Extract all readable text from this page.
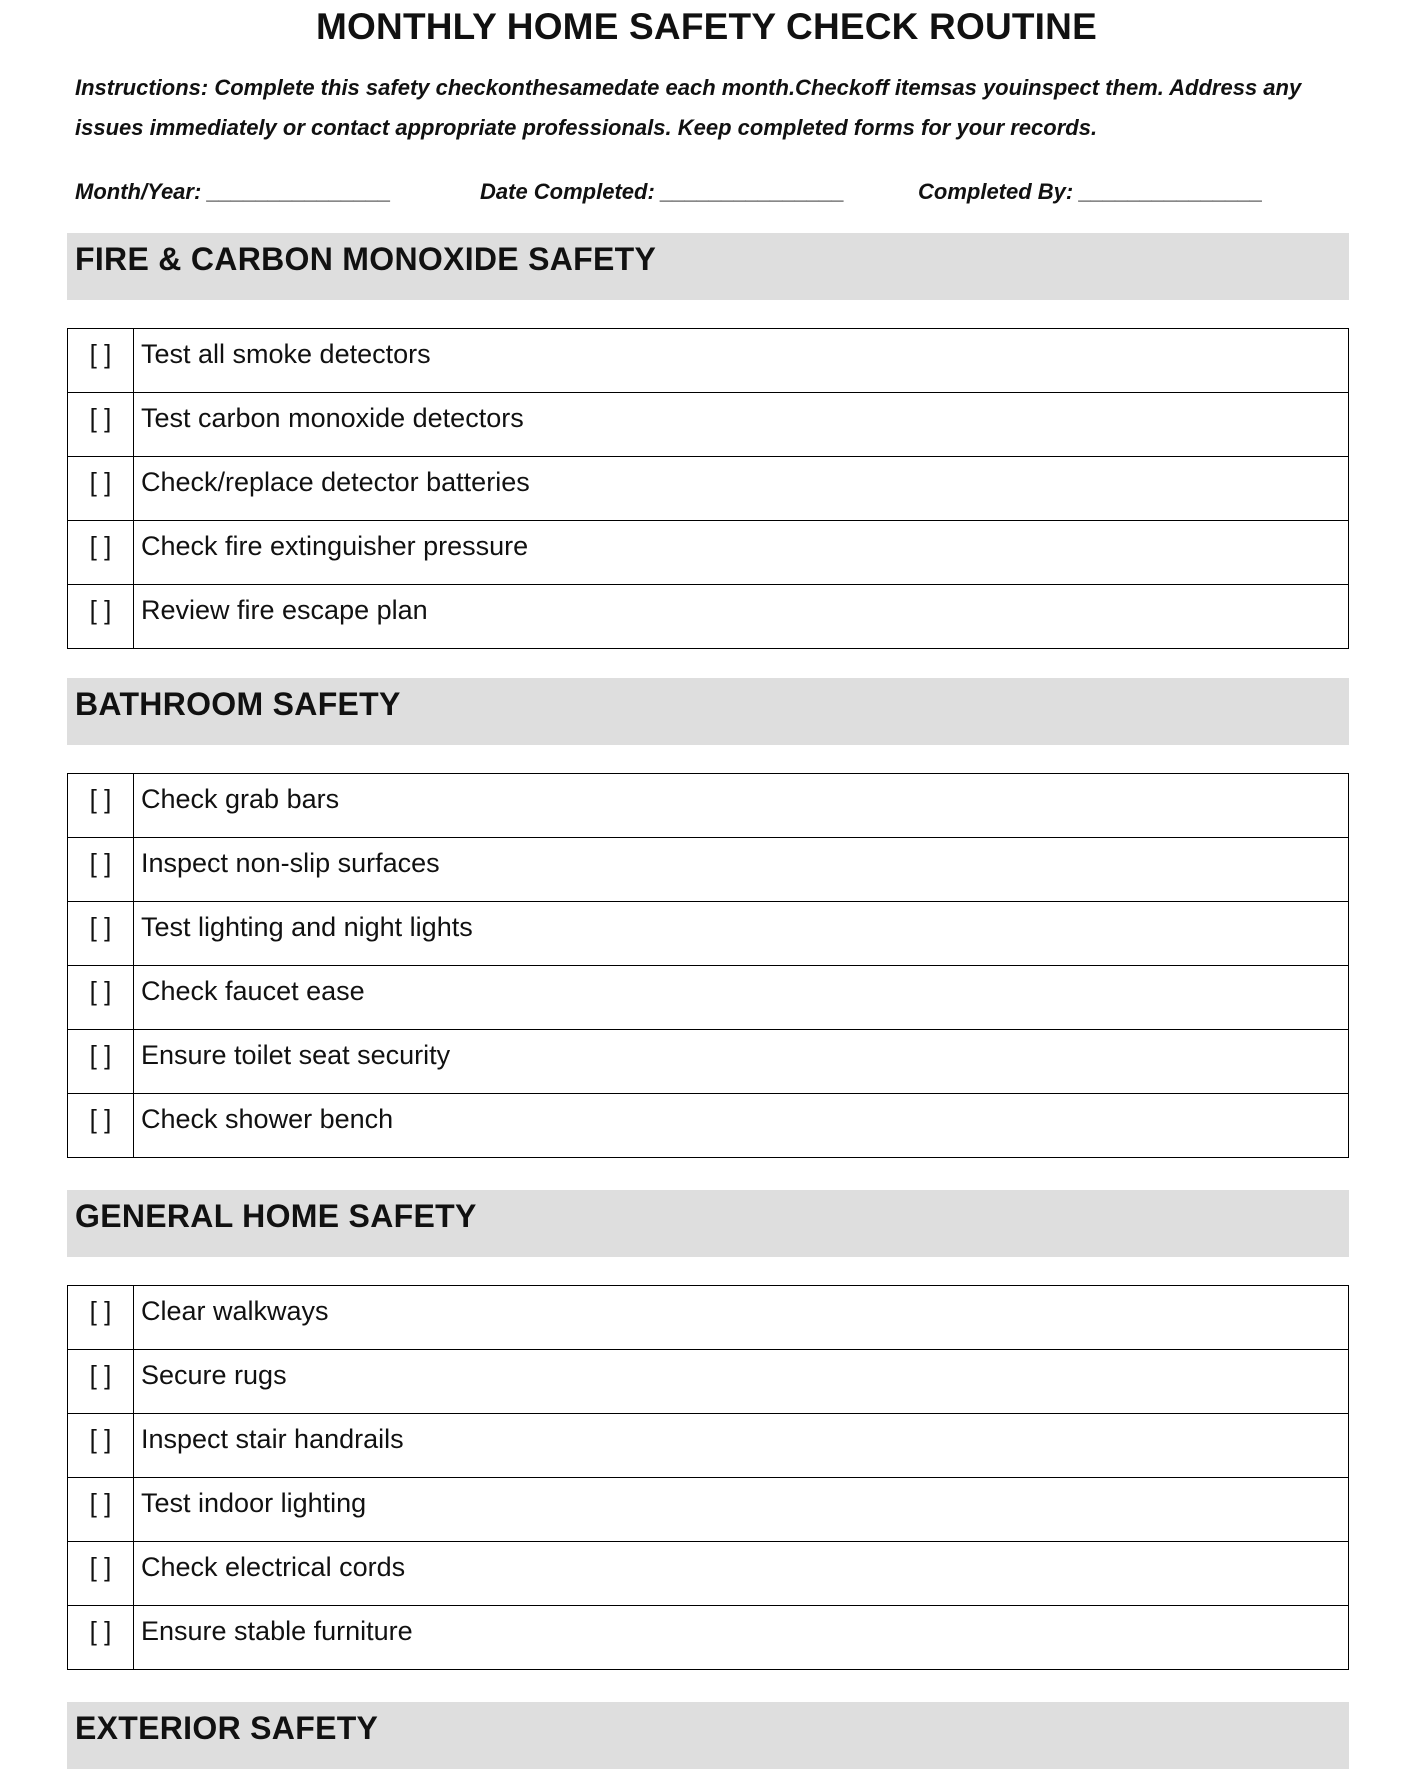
MONTHLY HOME SAFETY CHECK ROUTINE

Instructions: Complete this safety checkonthesamedate each month.Checkoff itemsas youinspect them. Address any issues immediately or contact appropriate professionals. Keep completed forms for your records.

Month/Year: _______________	Date Completed: _______________	Completed By: _______________
FIRE & CARBON MONOXIDE SAFETY
[ ]	Test all smoke detectors
[ ]	Test carbon monoxide detectors
[ ]	Check/replace detector batteries
[ ]	Check fire extinguisher pressure
[ ]	Review fire escape plan
BATHROOM SAFETY
[ ]	Check grab bars
[ ]	Inspect non-slip surfaces
[ ]	Test lighting and night lights
[ ]	Check faucet ease
[ ]	Ensure toilet seat security
[ ]	Check shower bench
GENERAL HOME SAFETY
[ ]	Clear walkways
[ ]	Secure rugs
[ ]	Inspect stair handrails
[ ]	Test indoor lighting
[ ]	Check electrical cords
[ ]	Ensure stable furniture
EXTERIOR SAFETY
